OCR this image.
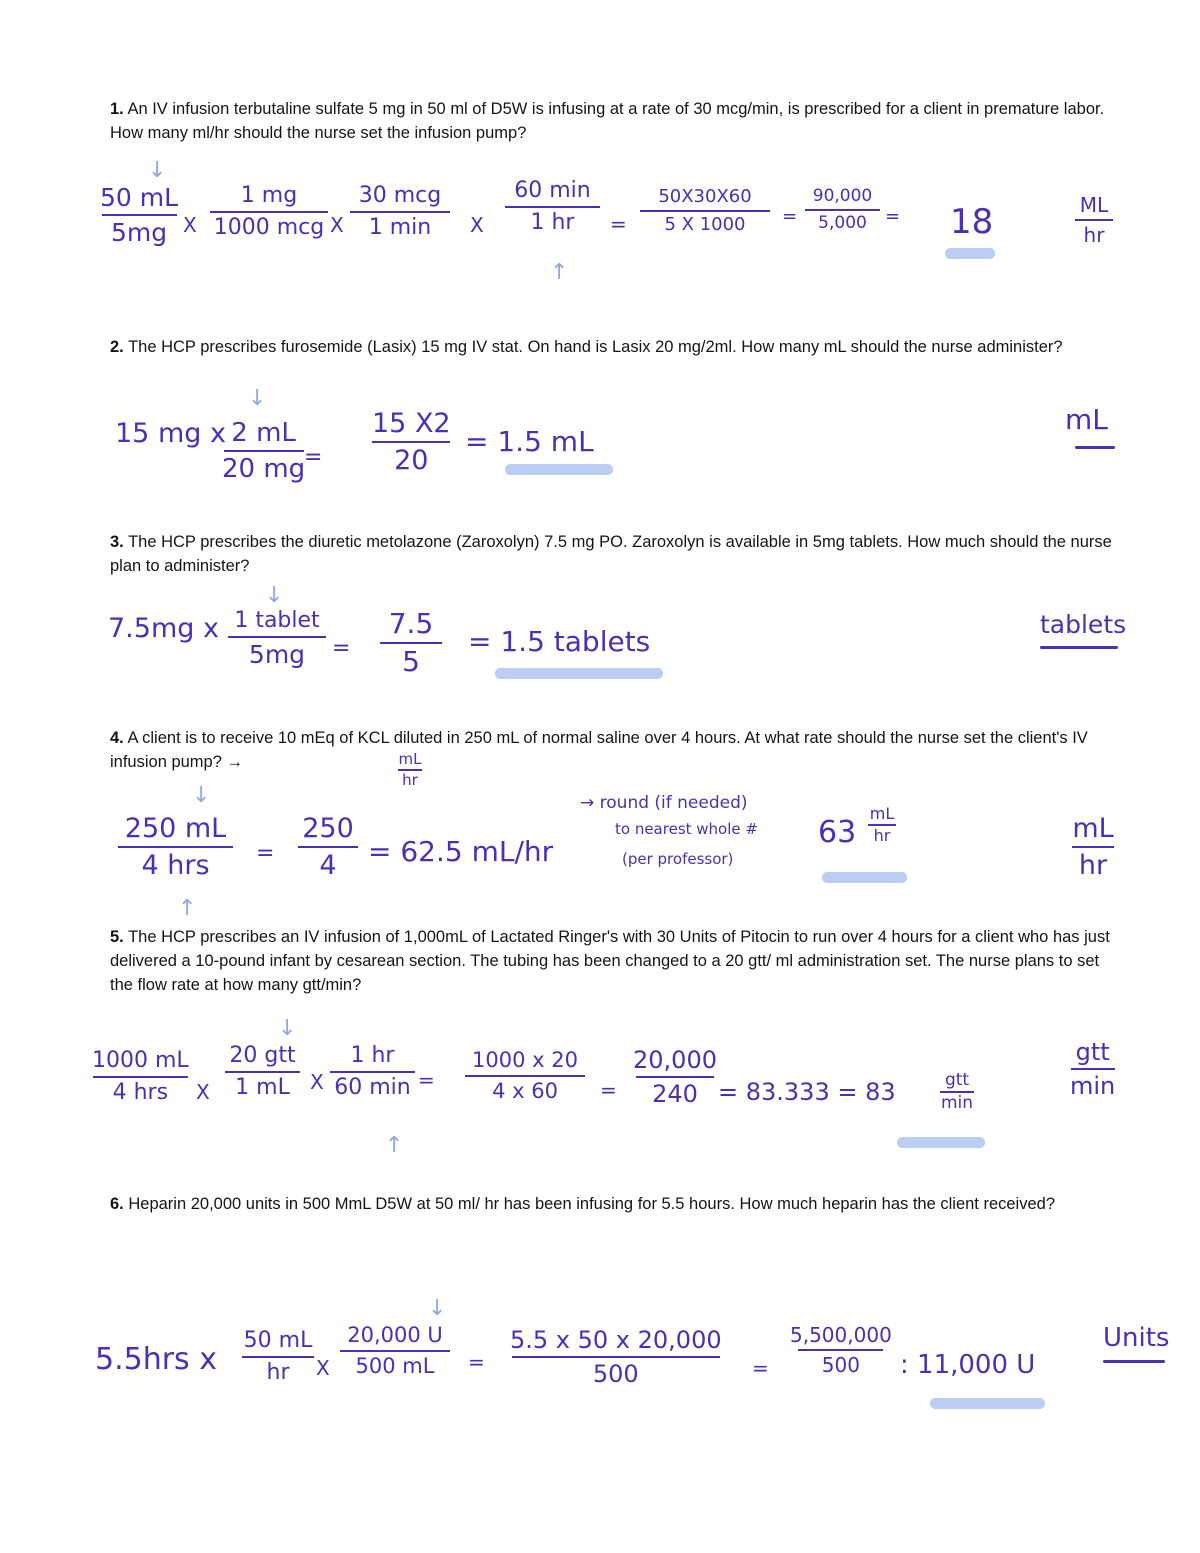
1. An IV infusion terbutaline sulfate 5 mg in 50 ml of D5W is infusing at a rate of 30 mcg/min, is prescribed for a client in premature labor. How many ml/hr should the nurse set the infusion pump?
2. The HCP prescribes furosemide (Lasix) 15 mg IV stat. On hand is Lasix 20 mg/2ml. How many mL should the nurse administer?
3. The HCP prescribes the diuretic metolazone (Zaroxolyn) 7.5 mg PO. Zaroxolyn is available in 5mg tablets. How much should the nurse plan to administer?
4. A client is to receive 10 mEq of KCL diluted in 250 mL of normal saline over 4 hours. At what rate should the nurse set the client's IV infusion pump? →
5. The HCP prescribes an IV infusion of 1,000mL of Lactated Ringer's with 30 Units of Pitocin to run over 4 hours for a client who has just delivered a 10-pound infant by cesarean section. The tubing has been changed to a 20 gtt/ ml administration set. The nurse plans to set the flow rate at how many gtt/min?
6. Heparin 20,000 units in 500 MmL D5W at 50 ml/ hr has been infusing for 5.5 hours. How much heparin has the client received?
↓
50 mL
5mg X
1 mg
1000 mcg X
30 mcg
1 min X
60 min
1 hr
↑
=
50X30X60
5 X 1000 =
90,000
5,000 = 18	ML
hr
↓
15 mg x 2 mL
20 mg
=
15 X2
20
= 1.5 mL
mL
↓
7.5mg x 1 tablet
5mg =
7.5
5
= 1.5 tablets
tablets
mL
hr
↓
250 mL
4 hrs
↑
=
250
4 = 62.5 mL/hr
→ round (if needed)
to nearest whole #
(per professor)
63
mL
hr	mL
hr
↓
1000 mL
4 hrs X
20 gtt
1 mL X
1 hr
60 min
↑
=
1000 x 20
4 x 60 =
20,000
240 = 83.333 = 83	gtt
min
gtt
min
↓
5.5hrs x
50 mL
hr X
20,000 U
500 mL =
5.5 x 50 x 20,000
500	=
5,500,000
500 : 11,000 U
Units
